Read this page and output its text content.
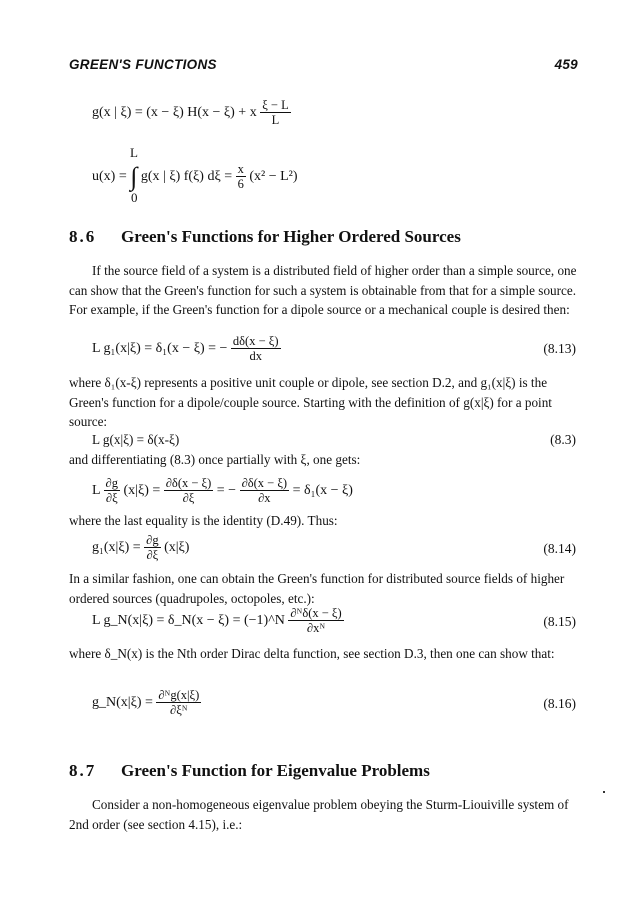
GREEN'S FUNCTIONS	459
g(x | ξ) = (x − ξ) H(x − ξ) + x $\frac{\xi - L}{L}$
L
u(x) = ∫ g(x | ξ) f(ξ) $d\xi = \frac{x}{6} (x^2 - L^2)$
0
8.6 Green's Functions for Higher Ordered Sources
If the source field of a system is a distributed field of higher order than a simple source, one can show that the Green's function for such a system is obtainable from that for a simple source. For example, if the Green's function for a dipole source or a mechanical couple is desired then:
L g₁(x|ξ) = δ₁(x − ξ) = − $\frac{d\delta(x - \xi)}{dx}$	(8.13)
where δ₁(x-ξ) represents a positive unit couple or dipole, see section D.2, and g₁(x|ξ) is the Green's function for a dipole/couple source. Starting with the definition of g(x|ξ) for a point source:
L g(x|ξ) = δ(x-ξ)	(8.3)
and differentiating (8.3) once partially with ξ, one gets:
L $\frac{\partial g}{\partial\xi} (x|\xi) = \frac{\partial\delta(x - \xi)}{\partial\xi}$ = − $\frac{\partial\delta(x - \xi)}{\partial x} = \delta_1(x - \xi)$
where the last equality is the identity (D.49). Thus:
$g_1(x|\xi) = \frac{\partial g}{\partial\xi} (x|\xi)$	(8.14)
In a similar fashion, one can obtain the Green's function for distributed source fields of higher ordered sources (quadrupoles, octopoles, etc.):
L g_N(x|ξ) = δ_N(x − ξ) = (−1)^N $\frac{\text{∂ᴺδ(x − ξ)}}{\text{∂xᴺ}}$	(8.15)
where δ_N(x) is the Nth order Dirac delta function, see section D.3, then one can show that:
g_N(x|ξ) = $\frac{\text{∂ᴺg(x|ξ)}}{\text{∂ξᴺ}}$	(8.16)
8.7 Green's Function for Eigenvalue Problems
Consider a non-homogeneous eigenvalue problem obeying the Sturm-Liouiville system of 2nd order (see section 4.15), i.e.:
